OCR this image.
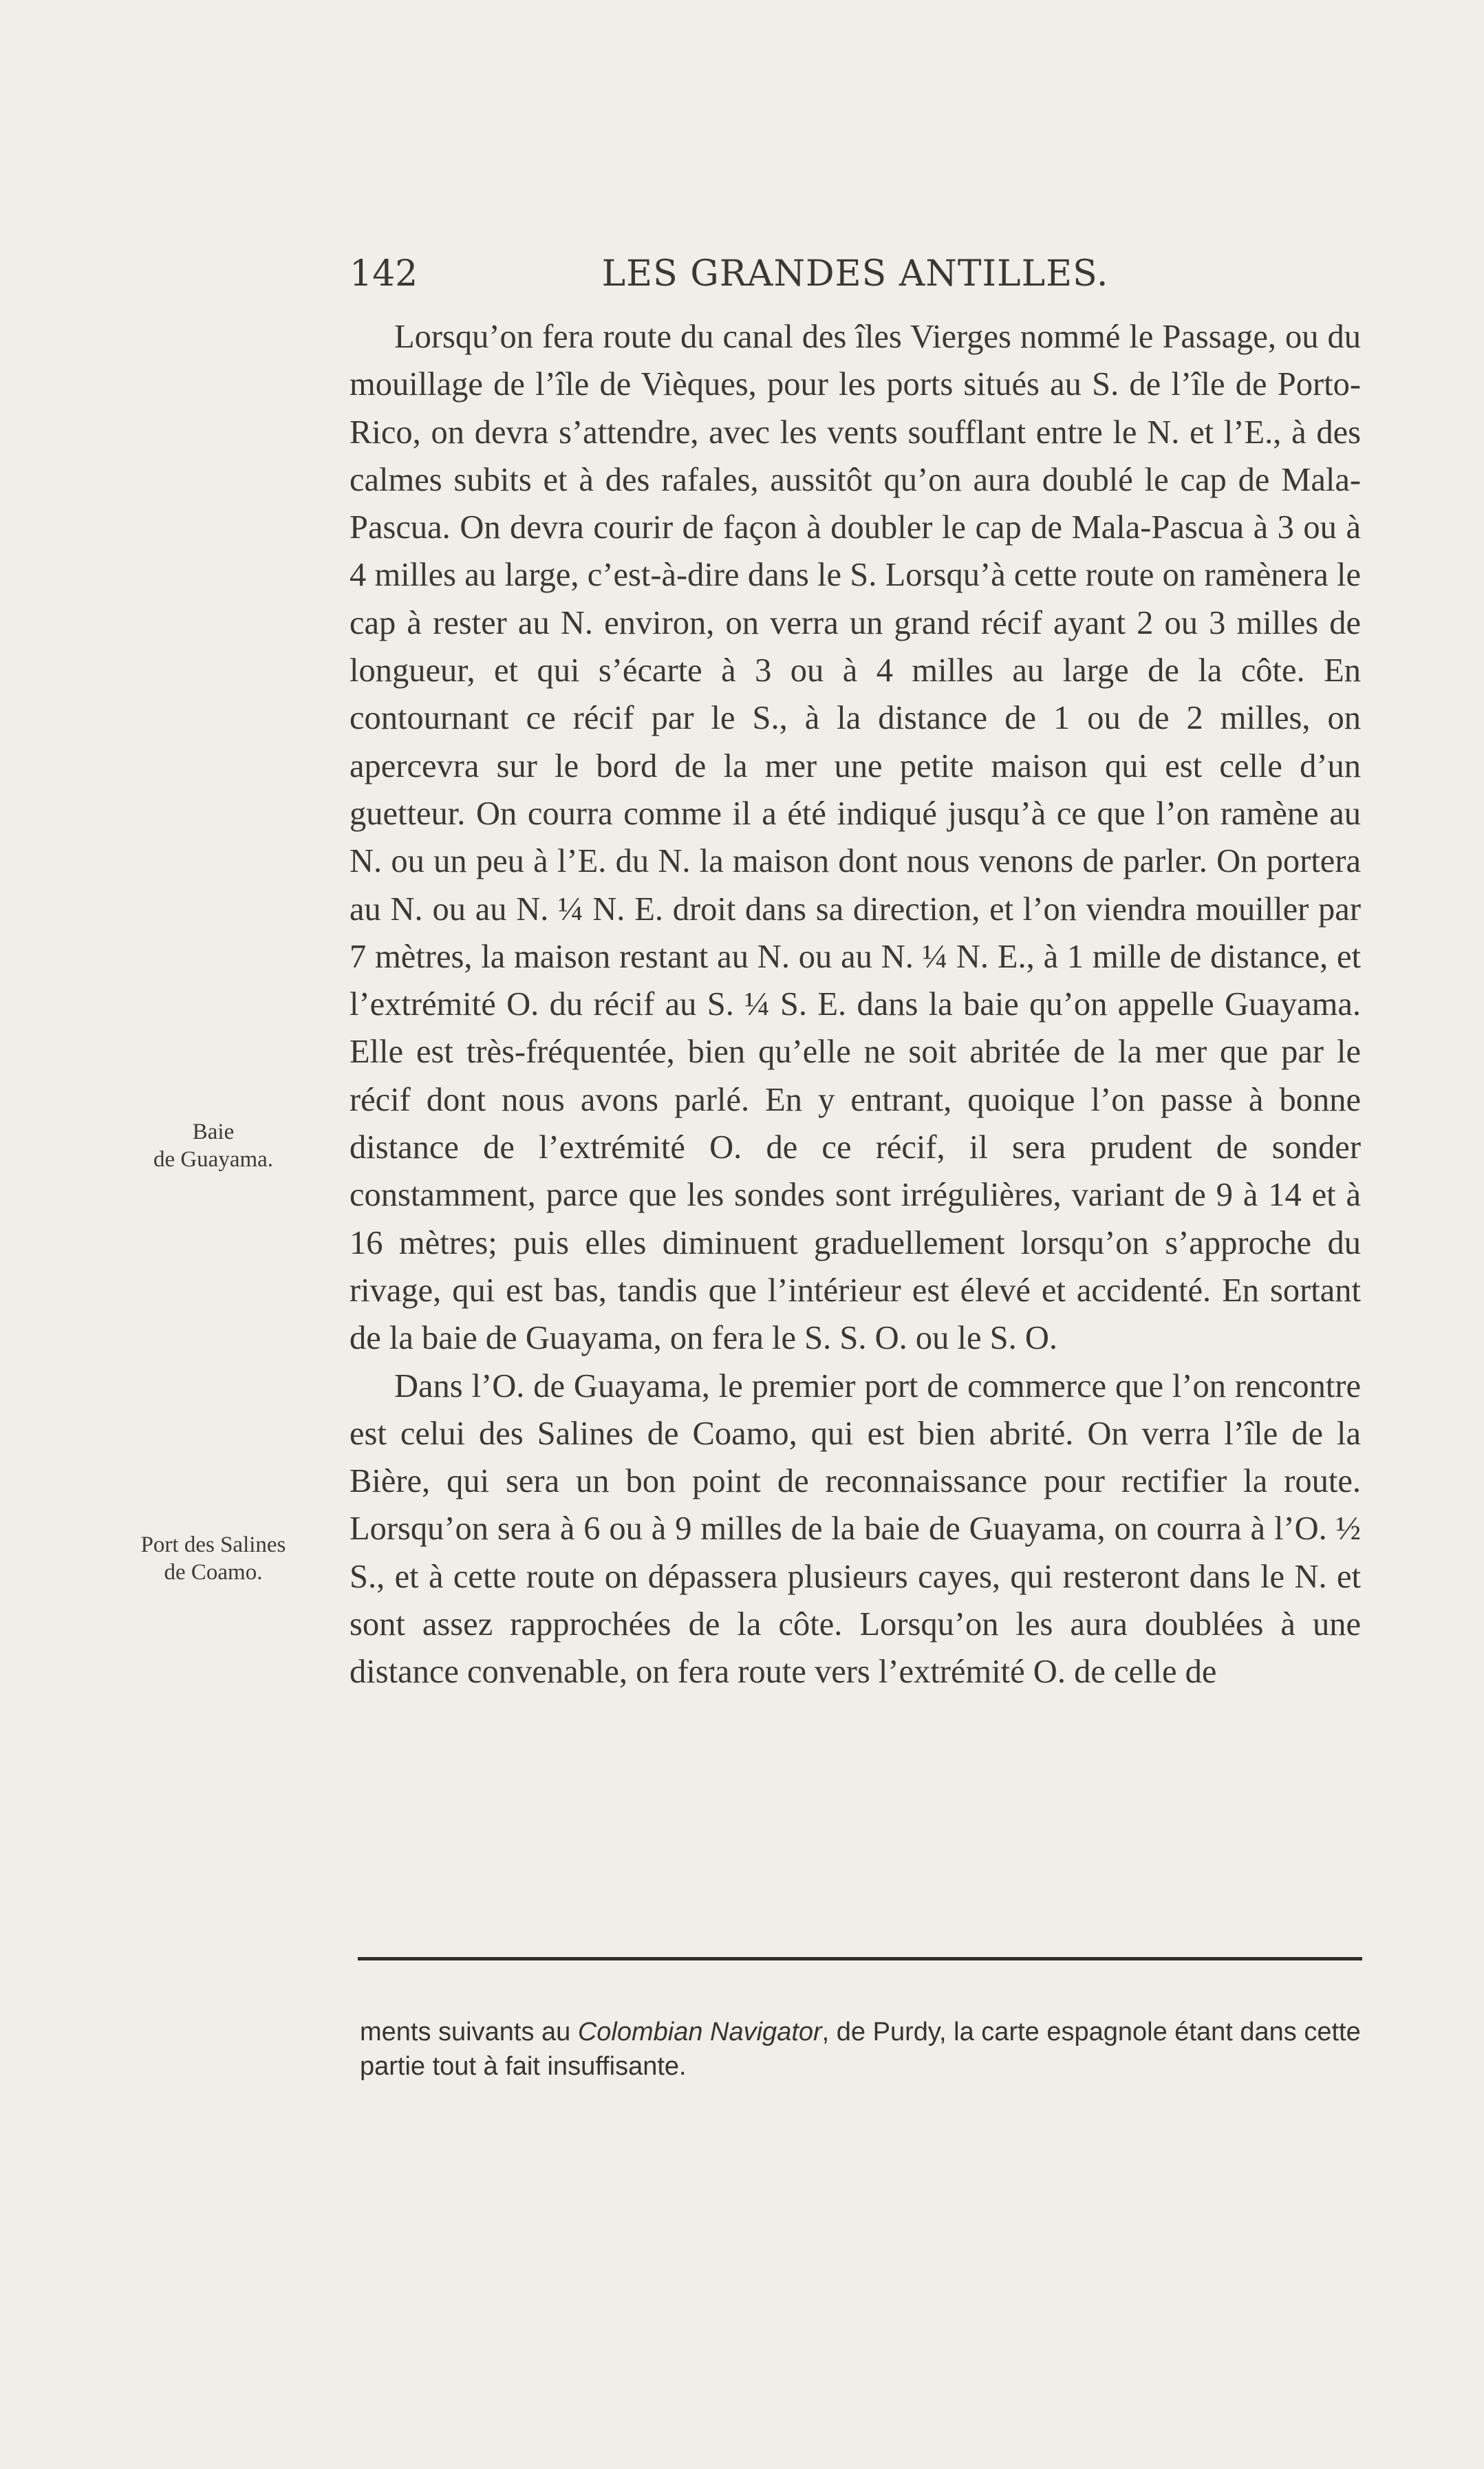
142	LES GRANDES ANTILLES.
Baie
de Guayama.
Port des Salines
de Coamo.

Lorsqu’on fera route du canal des îles Vierges nommé le Passage, ou du mouillage de l’île de Vièques, pour les ports situés au S. de l’île de Porto-Rico, on devra s’attendre, avec les vents soufflant entre le N. et l’E., à des calmes subits et à des rafales, aussitôt qu’on aura doublé le cap de Mala-Pascua. On devra courir de façon à doubler le cap de Mala-Pascua à 3 ou à 4 milles au large, c’est-à-dire dans le S. Lorsqu’à cette route on ramènera le cap à rester au N. environ, on verra un grand récif ayant 2 ou 3 milles de longueur, et qui s’écarte à 3 ou à 4 milles au large de la côte. En contournant ce récif par le S., à la distance de 1 ou de 2 milles, on apercevra sur le bord de la mer une petite maison qui est celle d’un guetteur. On courra comme il a été indiqué jusqu’à ce que l’on ramène au N. ou un peu à l’E. du N. la maison dont nous venons de parler. On portera au N. ou au N. ¼ N. E. droit dans sa direction, et l’on viendra mouiller par 7 mètres, la maison restant au N. ou au N. ¼ N. E., à 1 mille de distance, et l’extrémité O. du récif au S. ¼ S. E. dans la baie qu’on appelle Guayama. Elle est très-fréquentée, bien qu’elle ne soit abritée de la mer que par le récif dont nous avons parlé. En y entrant, quoique l’on passe à bonne distance de l’extrémité O. de ce récif, il sera prudent de sonder constamment, parce que les sondes sont irrégulières, variant de 9 à 14 et à 16 mètres; puis elles diminuent graduellement lorsqu’on s’approche du rivage, qui est bas, tandis que l’intérieur est élevé et accidenté. En sortant de la baie de Guayama, on fera le S. S. O. ou le S. O.

Dans l’O. de Guayama, le premier port de commerce que l’on rencontre est celui des Salines de Coamo, qui est bien abrité. On verra l’île de la Bière, qui sera un bon point de reconnaissance pour rectifier la route. Lorsqu’on sera à 6 ou à 9 milles de la baie de Guayama, on courra à l’O. ½ S., et à cette route on dépassera plusieurs cayes, qui resteront dans le N. et sont assez rapprochées de la côte. Lorsqu’on les aura doublées à une distance convenable, on fera route vers l’extrémité O. de celle de

ments suivants au Colombian Navigator, de Purdy, la carte espagnole étant dans cette partie tout à fait insuffisante.
